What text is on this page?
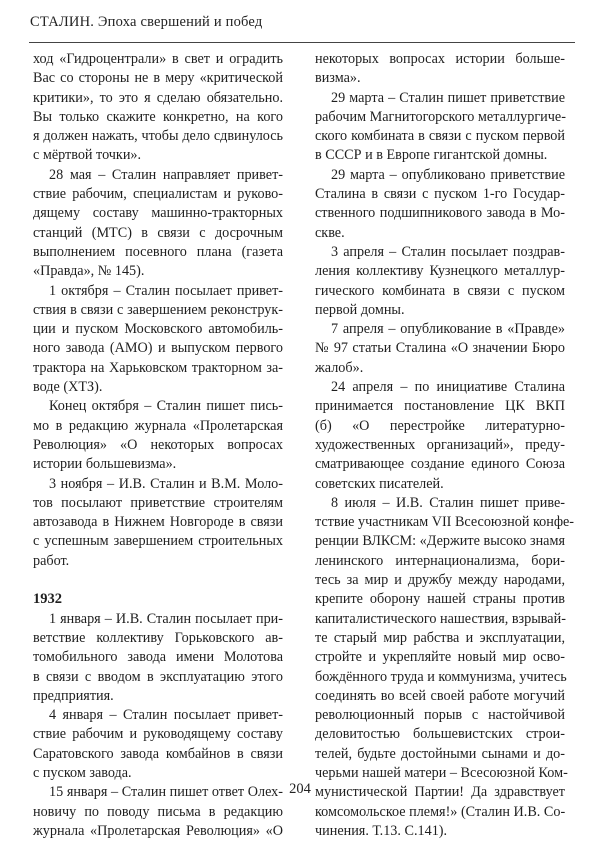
СТАЛИН. Эпоха свершений и побед
ход «Гидроцентрали» в свет и оградить
Вас со стороны не в меру «критической
критики», то это я сделаю обязательно.
Вы только скажите конкретно, на кого
я должен нажать, чтобы дело сдвинулось
с мёртвой точки».
28 мая – Сталин направляет привет-
ствие рабочим, специалистам и руково-
дящему составу машинно-тракторных
станций (МТС) в связи с досрочным
выполнением посевного плана (газета
«Правда», № 145).
1 октября – Сталин посылает привет-
ствия в связи с завершением реконструк-
ции и пуском Московского автомобиль-
ного завода (АМО) и выпуском первого
трактора на Харьковском тракторном за-
воде (ХТЗ).
Конец октября – Сталин пишет пись-
мо в редакцию журнала «Пролетарская
Революция» «О некоторых вопросах
истории большевизма».
3 ноября – И.В. Сталин и В.М. Моло-
тов посылают приветствие строителям
автозавода в Нижнем Новгороде в связи
с успешным завершением строительных
работ.
1932
1 января – И.В. Сталин посылает при-
ветствие коллективу Горьковского ав-
томобильного завода имени Молотова
в связи с вводом в эксплуатацию этого
предприятия.
4 января – Сталин посылает привет-
ствие рабочим и руководящему составу
Саратовского завода комбайнов в связи
с пуском завода.
15 января – Сталин пишет ответ Олех-
новичу по поводу письма в редакцию
журнала «Пролетарская Революция» «О
некоторых вопросах истории больше-
визма».
29 марта – Сталин пишет приветствие
рабочим Магнитогорского металлургиче-
ского комбината в связи с пуском первой
в СССР и в Европе гигантской домны.
29 марта – опубликовано приветствие
Сталина в связи с пуском 1-го Государ-
ственного подшипникового завода в Мо-
скве.
3 апреля – Сталин посылает поздрав-
ления коллективу Кузнецкого металлур-
гического комбината в связи с пуском
первой домны.
7 апреля – опубликование в «Правде»
№ 97 статьи Сталина «О значении Бюро
жалоб».
24 апреля – по инициативе Сталина
принимается постановление ЦК ВКП
(б) «О перестройке литературно-
художественных организаций», преду-
сматривающее создание единого Союза
советских писателей.
8 июля – И.В. Сталин пишет приве-
тствие участникам VII Всесоюзной конфе-
ренции ВЛКСМ: «Держите высоко знамя
ленинского интернационализма, бори-
тесь за мир и дружбу между народами,
крепите оборону нашей страны против
капиталистического нашествия, взрывай-
те старый мир рабства и эксплуатации,
стройте и укрепляйте новый мир осво-
бождённого труда и коммунизма, учитесь
соединять во всей своей работе могучий
революционный порыв с настойчивой
деловитостью большевистских строи-
телей, будьте достойными сынами и до-
черьми нашей матери – Всесоюзной Ком-
мунистической Партии! Да здравствует
комсомольское племя!» (Сталин И.В. Со-
чинения. Т.13. С.141).
204
